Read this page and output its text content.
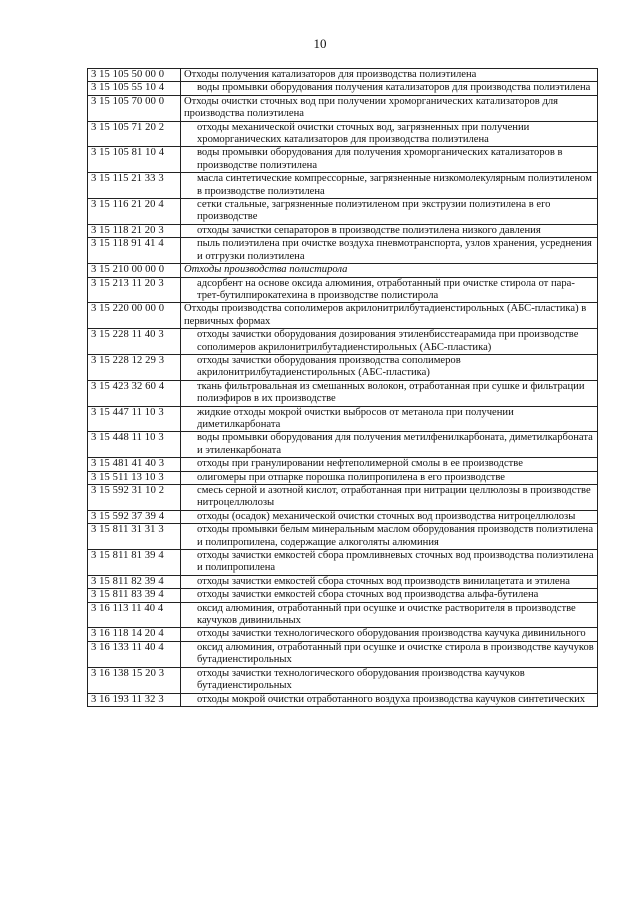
10
3 15 105 50 00 0	Отходы получения катализаторов для производства полиэтилена

3 15 105 55 10 4	воды промывки оборудования получения катализаторов для производства полиэтилена

3 15 105 70 00 0	Отходы очистки сточных вод при получении хроморганических катализаторов для производства полиэтилена

3 15 105 71 20 2	отходы механической очистки сточных вод, загрязненных при получении хроморганических катализаторов для производства полиэтилена

3 15 105 81 10 4	воды промывки оборудования для получения хроморганических катализаторов в производстве полиэтилена

3 15 115 21 33 3	масла синтетические компрессорные, загрязненные низкомолекулярным полиэтиленом в производстве полиэтилена

3 15 116 21 20 4	сетки стальные, загрязненные полиэтиленом при экструзии полиэтилена в его производстве

3 15 118 21 20 3	отходы зачистки сепараторов в производстве полиэтилена низкого давления

3 15 118 91 41 4	пыль полиэтилена при очистке воздуха пневмотранспорта, узлов хранения, усреднения и отгрузки полиэтилена

3 15 210 00 00 0	Отходы производства полистирола

3 15 213 11 20 3	адсорбент на основе оксида алюминия, отработанный при очистке стирола от пара-трет-бутилпирокатехина в производстве полистирола

3 15 220 00 00 0	Отходы производства сополимеров акрилонитрилбутадиенстирольных (АБС-пластика) в первичных формах

3 15 228 11 40 3	отходы зачистки оборудования дозирования этиленбисстеарамида при производстве сополимеров акрилонитрилбутадиенстирольных (АБС-пластика)

3 15 228 12 29 3	отходы зачистки оборудования производства сополимеров акрилонитрилбутадиенстирольных (АБС-пластика)

3 15 423 32 60 4	ткань фильтровальная из смешанных волокон, отработанная при сушке и фильтрации полиэфиров в их производстве

3 15 447 11 10 3	жидкие отходы мокрой очистки выбросов от метанола при получении диметилкарбоната

3 15 448 11 10 3	воды промывки оборудования для получения метилфенилкарбоната, диметилкарбоната и этиленкарбоната

3 15 481 41 40 3	отходы при гранулировании нефтеполимерной смолы в ее производстве

3 15 511 13 10 3	олигомеры при отпарке порошка полипропилена в его производстве

3 15 592 31 10 2	смесь серной и азотной кислот, отработанная при нитрации целлюлозы в производстве нитроцеллюлозы

3 15 592 37 39 4	отходы (осадок) механической очистки сточных вод производства нитроцеллюлозы

3 15 811 31 31 3	отходы промывки белым минеральным маслом оборудования производств полиэтилена и полипропилена, содержащие алкоголяты алюминия

3 15 811 81 39 4	отходы зачистки емкостей сбора промливневых сточных вод производства полиэтилена и полипропилена

3 15 811 82 39 4	отходы зачистки емкостей сбора сточных вод производств винилацетата и этилена

3 15 811 83 39 4	отходы зачистки емкостей сбора сточных вод производства альфа-бутилена

3 16 113 11 40 4	оксид алюминия, отработанный при осушке и очистке растворителя в производстве каучуков дивинильных

3 16 118 14 20 4	отходы зачистки технологического оборудования производства каучука дивинильного

3 16 133 11 40 4	оксид алюминия, отработанный при осушке и очистке стирола в производстве каучуков бутадиенстирольных

3 16 138 15 20 3	отходы зачистки технологического оборудования производства каучуков бутадиенстирольных

3 16 193 11 32 3	отходы мокрой очистки отработанного воздуха производства каучуков синтетических
